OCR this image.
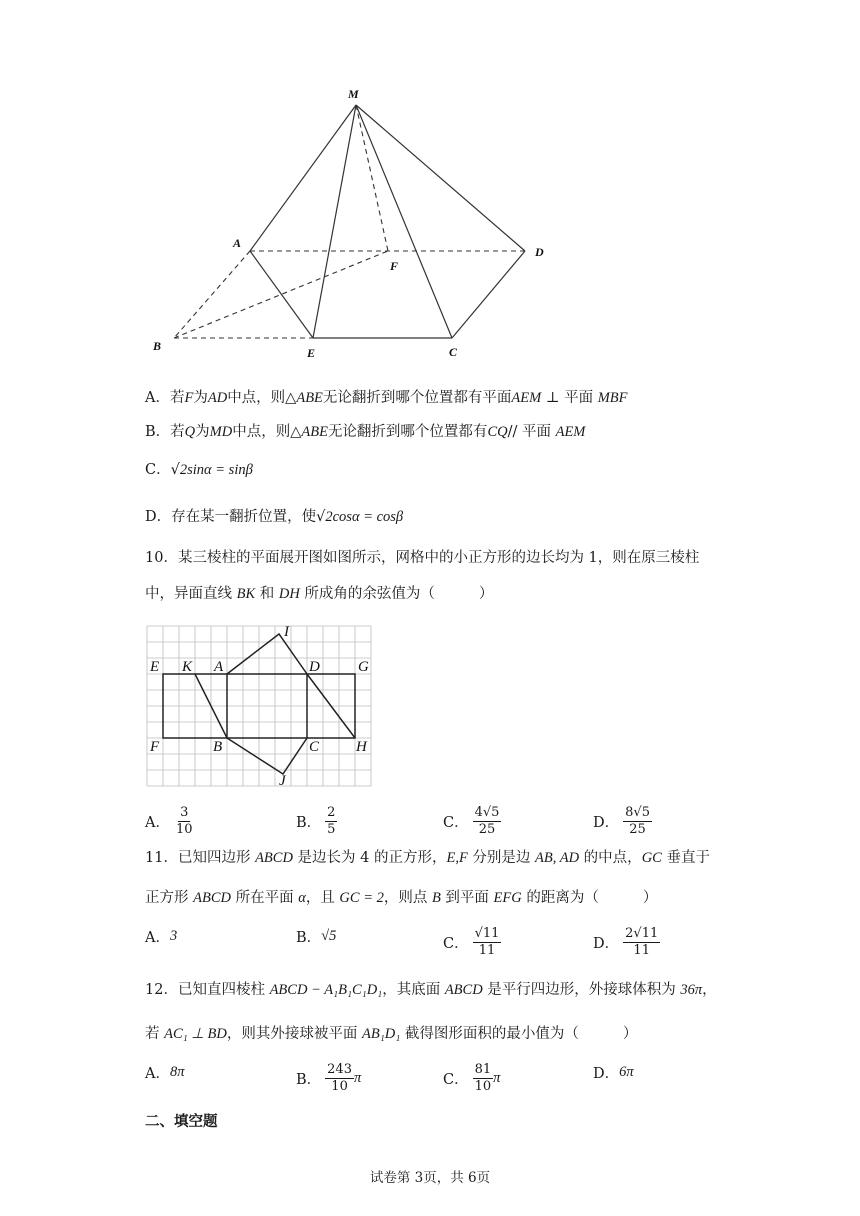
M
A
D
F
B	E	C
A．若F为AD中点，则△ABE无论翻折到哪个位置都有平面AEM ⊥ 平面 MBF
B．若Q为MD中点，则△ABE无论翻折到哪个位置都有CQ// 平面 AEM
C．√2sinα = sinβ
D．存在某一翻折位置，使√2cosα = cosβ
10．某三棱柱的平面展开图如图所示，网格中的小正方形的边长均为 1，则在原三棱柱
中，异面直线 BK 和 DH 所成角的余弦值为（	）
E K A
I
D	G
F	B	C H
J
A． $\frac{3}{10}$	B． $\frac{2}{5}$	C． $\frac{4√5}{25}$	D． $\frac{8√5}{25}$
11．已知四边形 ABCD 是边长为 4 的正方形，E,F 分别是边 AB, AD 的中点，GC 垂直于
正方形 ABCD 所在平面 α，且 GC = 2，则点 B 到平面 EFG 的距离为（	）
A． 3	B． √5	C． $\frac{√11}{11}$	D． $\frac{2√11}{11}$
12．已知直四棱柱 ABCD − A₁B₁C₁D₁，其底面 ABCD 是平行四边形，外接球体积为 36π，
若 AC₁ ⊥ BD，则其外接球被平面 AB₁D₁ 截得图形面积的最小值为（	）
A． 8π	B． $\frac{243}{10}$ π	C． $\frac{81}{10}$ π	D． 6π
二、填空题
试卷第 3页，共 6页
